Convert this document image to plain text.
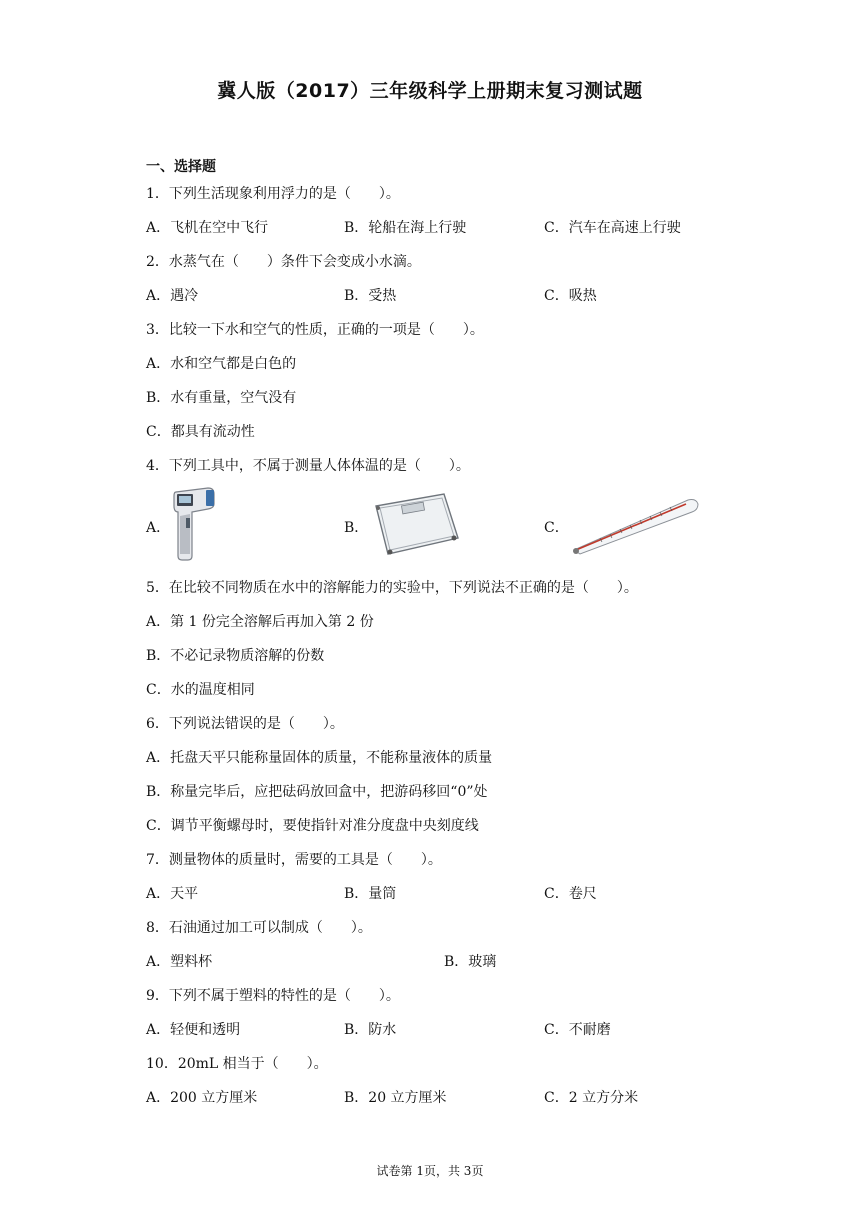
冀人版（2017）三年级科学上册期末复习测试题
一、选择题
1．下列生活现象利用浮力的是（　　）。
A．飞机在空中飞行	B．轮船在海上行驶	C．汽车在高速上行驶
2．水蒸气在（　　）条件下会变成小水滴。
A．遇冷	B．受热	C．吸热
3．比较一下水和空气的性质，正确的一项是（　　）。
A．水和空气都是白色的
B．水有重量，空气没有
C．都具有流动性
4．下列工具中，不属于测量人体体温的是（　　）。
A．	B．	C．
5．在比较不同物质在水中的溶解能力的实验中，下列说法不正确的是（　　）。
A．第 1 份完全溶解后再加入第 2 份
B．不必记录物质溶解的份数
C．水的温度相同
6．下列说法错误的是（　　）。
A．托盘天平只能称量固体的质量，不能称量液体的质量
B．称量完毕后，应把砝码放回盒中，把游码移回“0”处
C．调节平衡螺母时，要使指针对准分度盘中央刻度线
7．测量物体的质量时，需要的工具是（　　）。
A．天平	B．量筒	C．卷尺
8．石油通过加工可以制成（　　）。
A．塑料杯	B．玻璃
9．下列不属于塑料的特性的是（　　）。
A．轻便和透明	B．防水	C．不耐磨
10．20mL 相当于（　　）。
A．200 立方厘米	B．20 立方厘米	C．2 立方分米
试卷第 1页，共 3页
